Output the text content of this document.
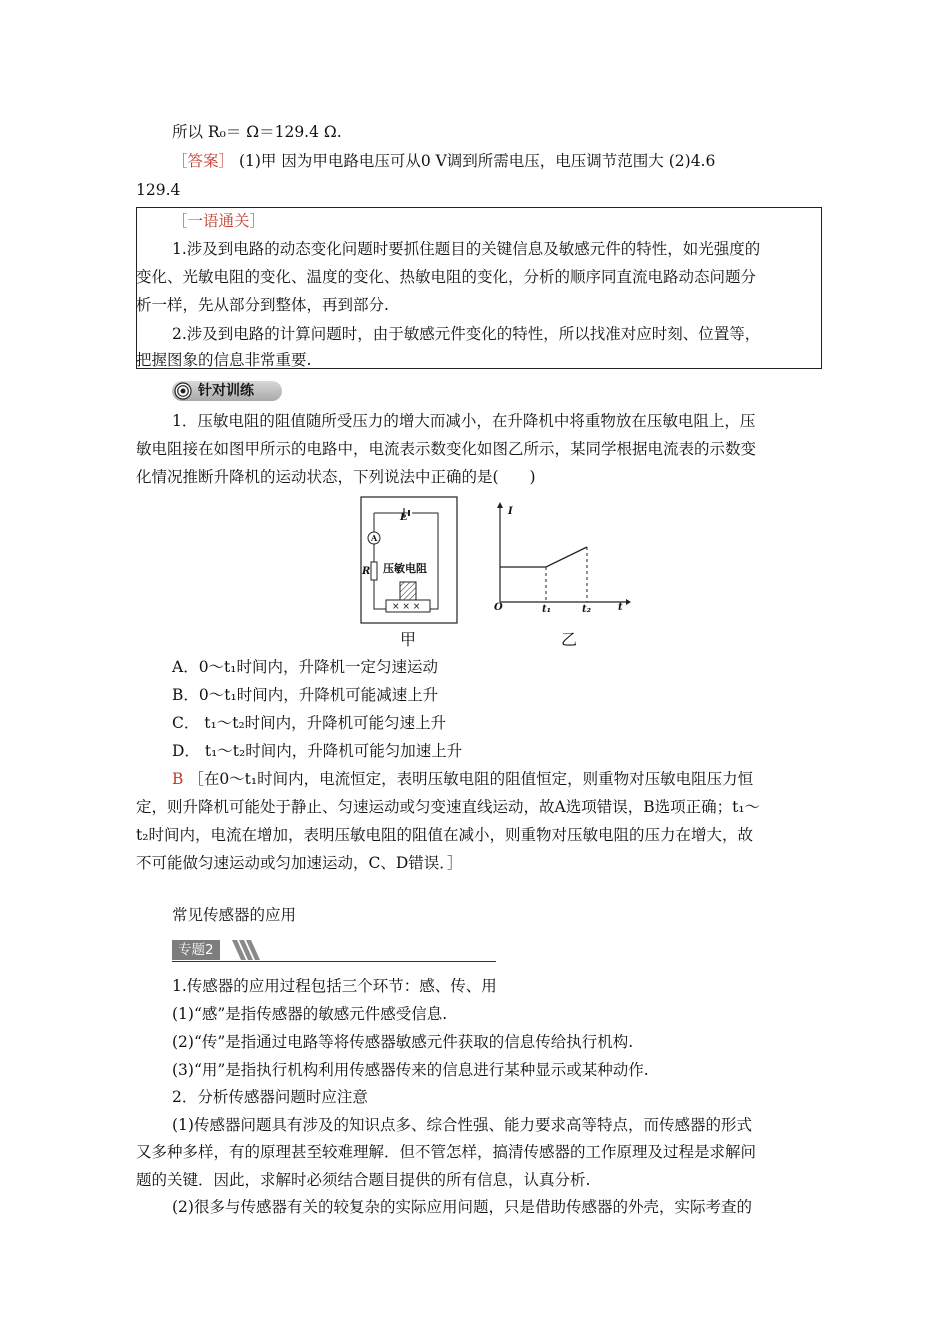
所以 R₀＝ Ω＝129.4 Ω.
［答案］ (1)甲 因为甲电路电压可从0 V调到所需电压，电压调节范围大 (2)4.6
129.4
［一语通关］
1.涉及到电路的动态变化问题时要抓住题目的关键信息及敏感元件的特性，如光强度的
变化、光敏电阻的变化、温度的变化、热敏电阻的变化，分析的顺序同直流电路动态问题分
析一样，先从部分到整体，再到部分.
2.涉及到电路的计算问题时，由于敏感元件变化的特性，所以找准对应时刻、位置等，
把握图象的信息非常重要.
针对训练
1．压敏电阻的阻值随所受压力的增大而减小，在升降机中将重物放在压敏电阻上，压
敏电阻接在如图甲所示的电路中，电流表示数变化如图乙所示，某同学根据电流表的示数变
化情况推断升降机的运动状态，下列说法中正确的是(　　)
E
A
R 压敏电阻
× × ×
甲
I
O	t₁	t₂	t
乙
A．0～t₁时间内，升降机一定匀速运动
B．0～t₁时间内，升降机可能减速上升
C． t₁～t₂时间内，升降机可能匀速上升
D． t₁～t₂时间内，升降机可能匀加速上升
B ［在0～t₁时间内，电流恒定，表明压敏电阻的阻值恒定，则重物对压敏电阻压力恒
定，则升降机可能处于静止、匀速运动或匀变速直线运动，故A选项错误，B选项正确；t₁～
t₂时间内，电流在增加，表明压敏电阻的阻值在减小，则重物对压敏电阻的压力在增大，故
不可能做匀速运动或匀加速运动，C、D错误．］
常见传感器的应用
专题2
1.传感器的应用过程包括三个环节：感、传、用
(1)“感”是指传感器的敏感元件感受信息.
(2)“传”是指通过电路等将传感器敏感元件获取的信息传给执行机构.
(3)“用”是指执行机构利用传感器传来的信息进行某种显示或某种动作.
2．分析传感器问题时应注意
(1)传感器问题具有涉及的知识点多、综合性强、能力要求高等特点，而传感器的形式
又多种多样，有的原理甚至较难理解．但不管怎样，搞清传感器的工作原理及过程是求解问
题的关键．因此，求解时必须结合题目提供的所有信息，认真分析.
(2)很多与传感器有关的较复杂的实际应用问题，只是借助传感器的外壳，实际考查的
